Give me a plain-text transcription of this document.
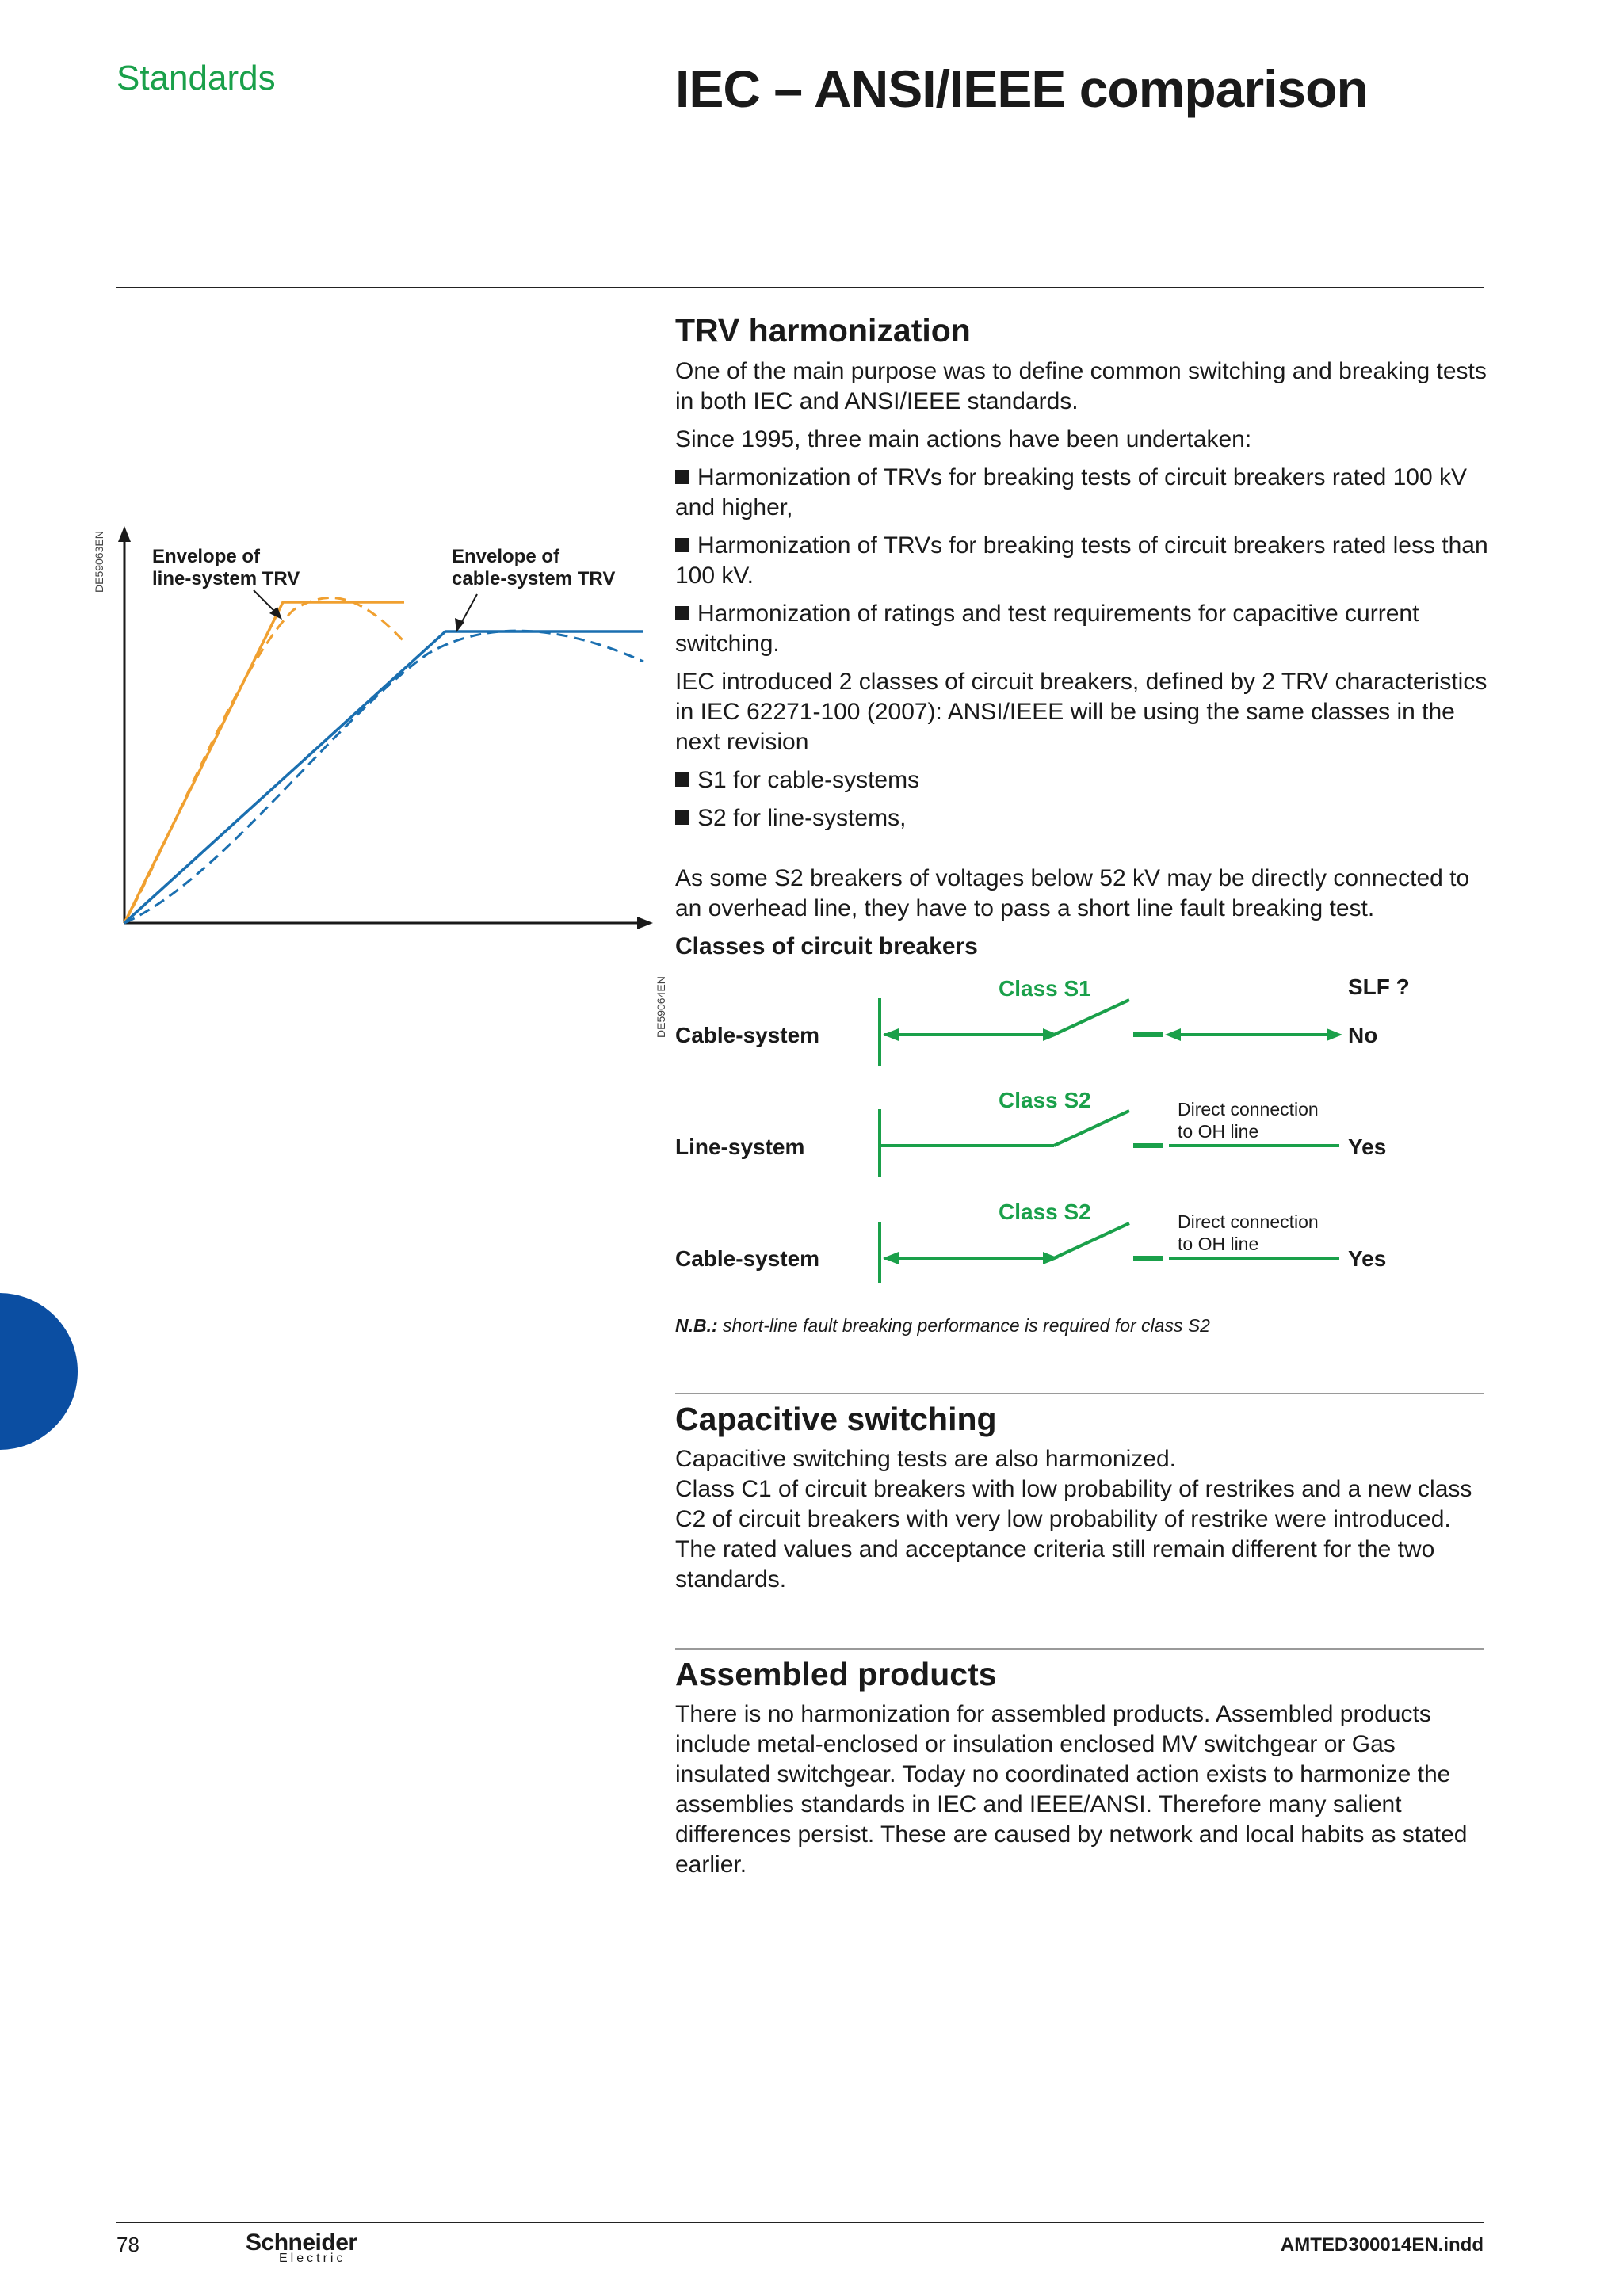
Standards	IEC – ANSI/IEEE comparison
DE59063EN Envelope of
line-system TRV
Envelope of
cable-system TRV
TRV harmonization

One of the main purpose was to define common switching and breaking tests in both IEC and ANSI/IEEE standards.

Since 1995, three main actions have been undertaken:

Harmonization of TRVs for breaking tests of circuit breakers rated 100 kV and higher,

Harmonization of TRVs for breaking tests of circuit breakers rated less than 100 kV.

Harmonization of ratings and test requirements for capacitive current switching.

IEC introduced 2 classes of circuit breakers, defined by 2 TRV characteristics in IEC 62271-100 (2007): ANSI/IEEE will be using the same classes in the next revision

S1 for cable-systems

S2 for line-systems,

As some S2 breakers of voltages below 52 kV may be directly connected to an overhead line, they have to pass a short line fault breaking test.

Classes of circuit breakers
DE59064EN	SLF ?
Class S1
Cable-system	No
Class S2	Direct connection
to OH line
Line-system	Yes
Class S2	Direct connection
to OH line
Cable-system	Yes
N.B.: short-line fault breaking performance is required for class S2
Capacitive switching
Capacitive switching tests are also harmonized.
Class C1 of circuit breakers with low probability of restrikes and a new class C2 of circuit breakers with very low probability of restrike were introduced. The rated values and acceptance criteria still remain different for the two standards.
Assembled products
There is no harmonization for assembled products. Assembled products include metal-enclosed or insulation enclosed MV switchgear or Gas insulated switchgear. Today no coordinated action exists to harmonize the assemblies standards in IEC and IEEE/ANSI. Therefore many salient differences persist. These are caused by network and local habits as stated earlier.
78	Schneider
Electric
AMTED300014EN.indd
